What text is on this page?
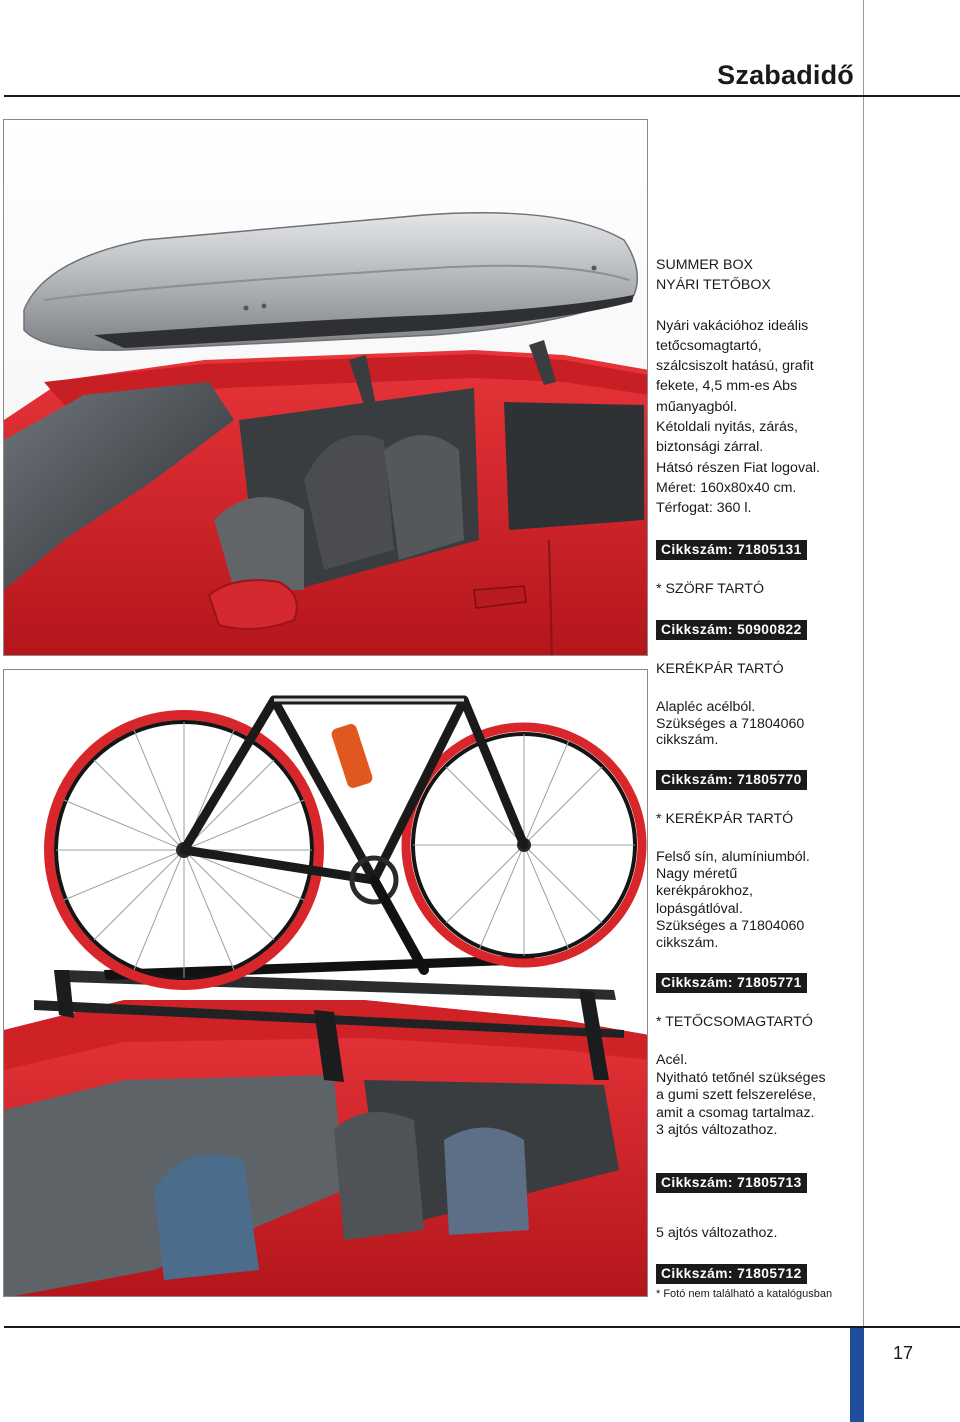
Szabadidő

SUMMER BOX
NYÁRI TETŐBOX

Nyári vakációhoz ideális
tetőcsomagtartó,
szálcsiszolt hatású, grafit
fekete, 4,5 mm-es Abs
műanyagból.
Kétoldali nyitás, zárás,
biztonsági zárral.
Hátsó részen Fiat logoval.
Méret: 160x80x40 cm.
Térfogat: 360 l.

Cikkszám: 71805131

* SZÖRF TARTÓ

Cikkszám: 50900822

KERÉKPÁR TARTÓ

Alapléc acélból.
Szükséges a 71804060
cikkszám.

Cikkszám: 71805770

* KERÉKPÁR TARTÓ

Felső sín, alumíniumból.
Nagy méretű
kerékpárokhoz,
lopásgátlóval.
Szükséges a 71804060
cikkszám.

Cikkszám: 71805771

* TETŐCSOMAGTARTÓ

Acél.
Nyitható tetőnél szükséges
a gumi szett felszerelése,
amit a csomag tartalmaz.
3 ajtós változathoz.

Cikkszám: 71805713

5 ajtós változathoz.

Cikkszám: 71805712

* Fotó nem található a katalógusban

17
